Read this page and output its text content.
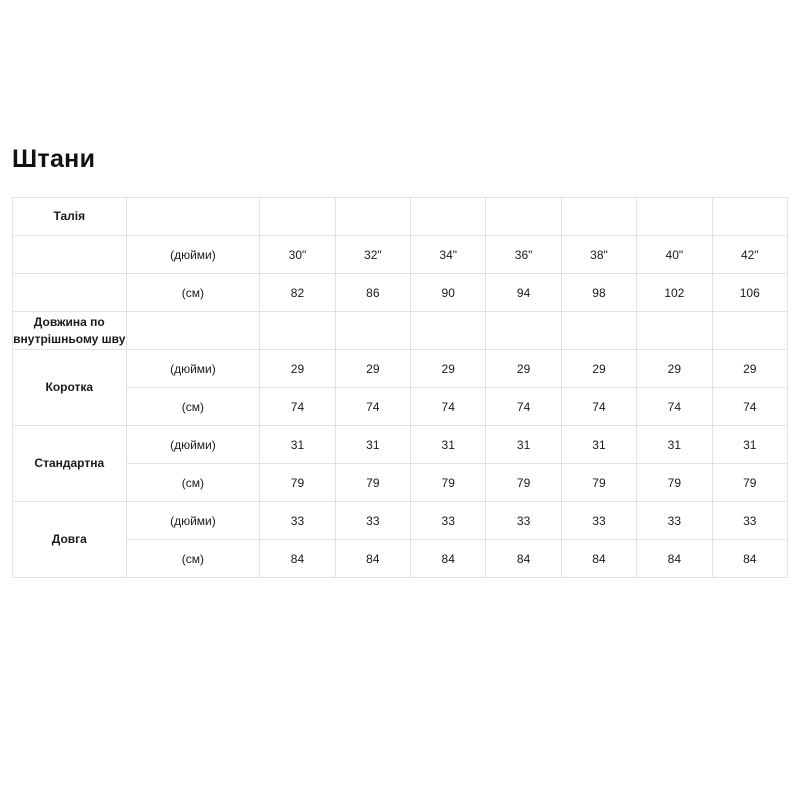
Штани
Талія								
	(дюйми)	30"	32"	34"	36"	38"	40"	42"
	(см)	82	86	90	94	98	102	106
Довжина по внутрішньому шву								
Коротка	(дюйми)	29	29	29	29	29	29	29
	(см)	74	74	74	74	74	74	74
Стандартна	(дюйми)	31	31	31	31	31	31	31
	(см)	79	79	79	79	79	79	79
Довга	(дюйми)	33	33	33	33	33	33	33
	(см)	84	84	84	84	84	84	84
